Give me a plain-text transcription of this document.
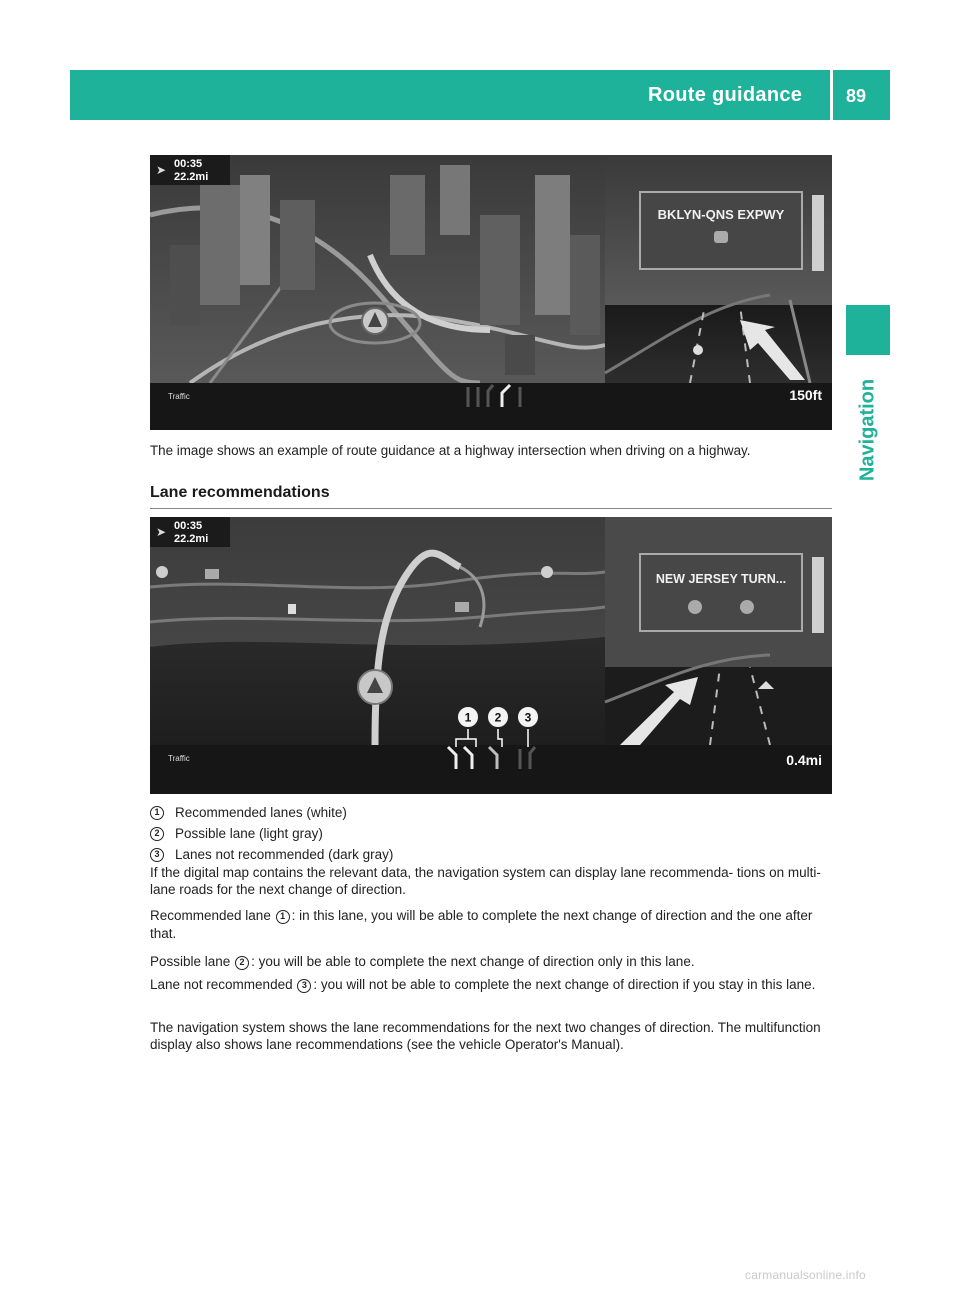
Route guidance 89
Navigation
➤ 00:35
22.2mi
BKLYN-QNS EXPWY
Traffic	150ft
The image shows an example of route guidance at a highway intersection when driving on a highway.
Lane recommendations
➤ 00:35
22.2mi
NEW JERSEY TURN...
Traffic	0.4mi
1 2 3
1	Recommended lanes (white)
2	Possible lane (light gray)
3	Lanes not recommended (dark gray)
If the digital map contains the relevant data, the navigation system can display lane recommenda- tions on multi-lane roads for the next change of direction.
Recommended lane 1 : in this lane, you will be able to complete the next change of direction and the one after that.
Possible lane 2 : you will be able to complete the next change of direction only in this lane.
Lane not recommended 3 : you will not be able to complete the next change of direction if you stay in this lane.
The navigation system shows the lane recommendations for the next two changes of direction. The multifunction display also shows lane recommendations (see the vehicle Operator's Manual).
carmanualsonline.info
